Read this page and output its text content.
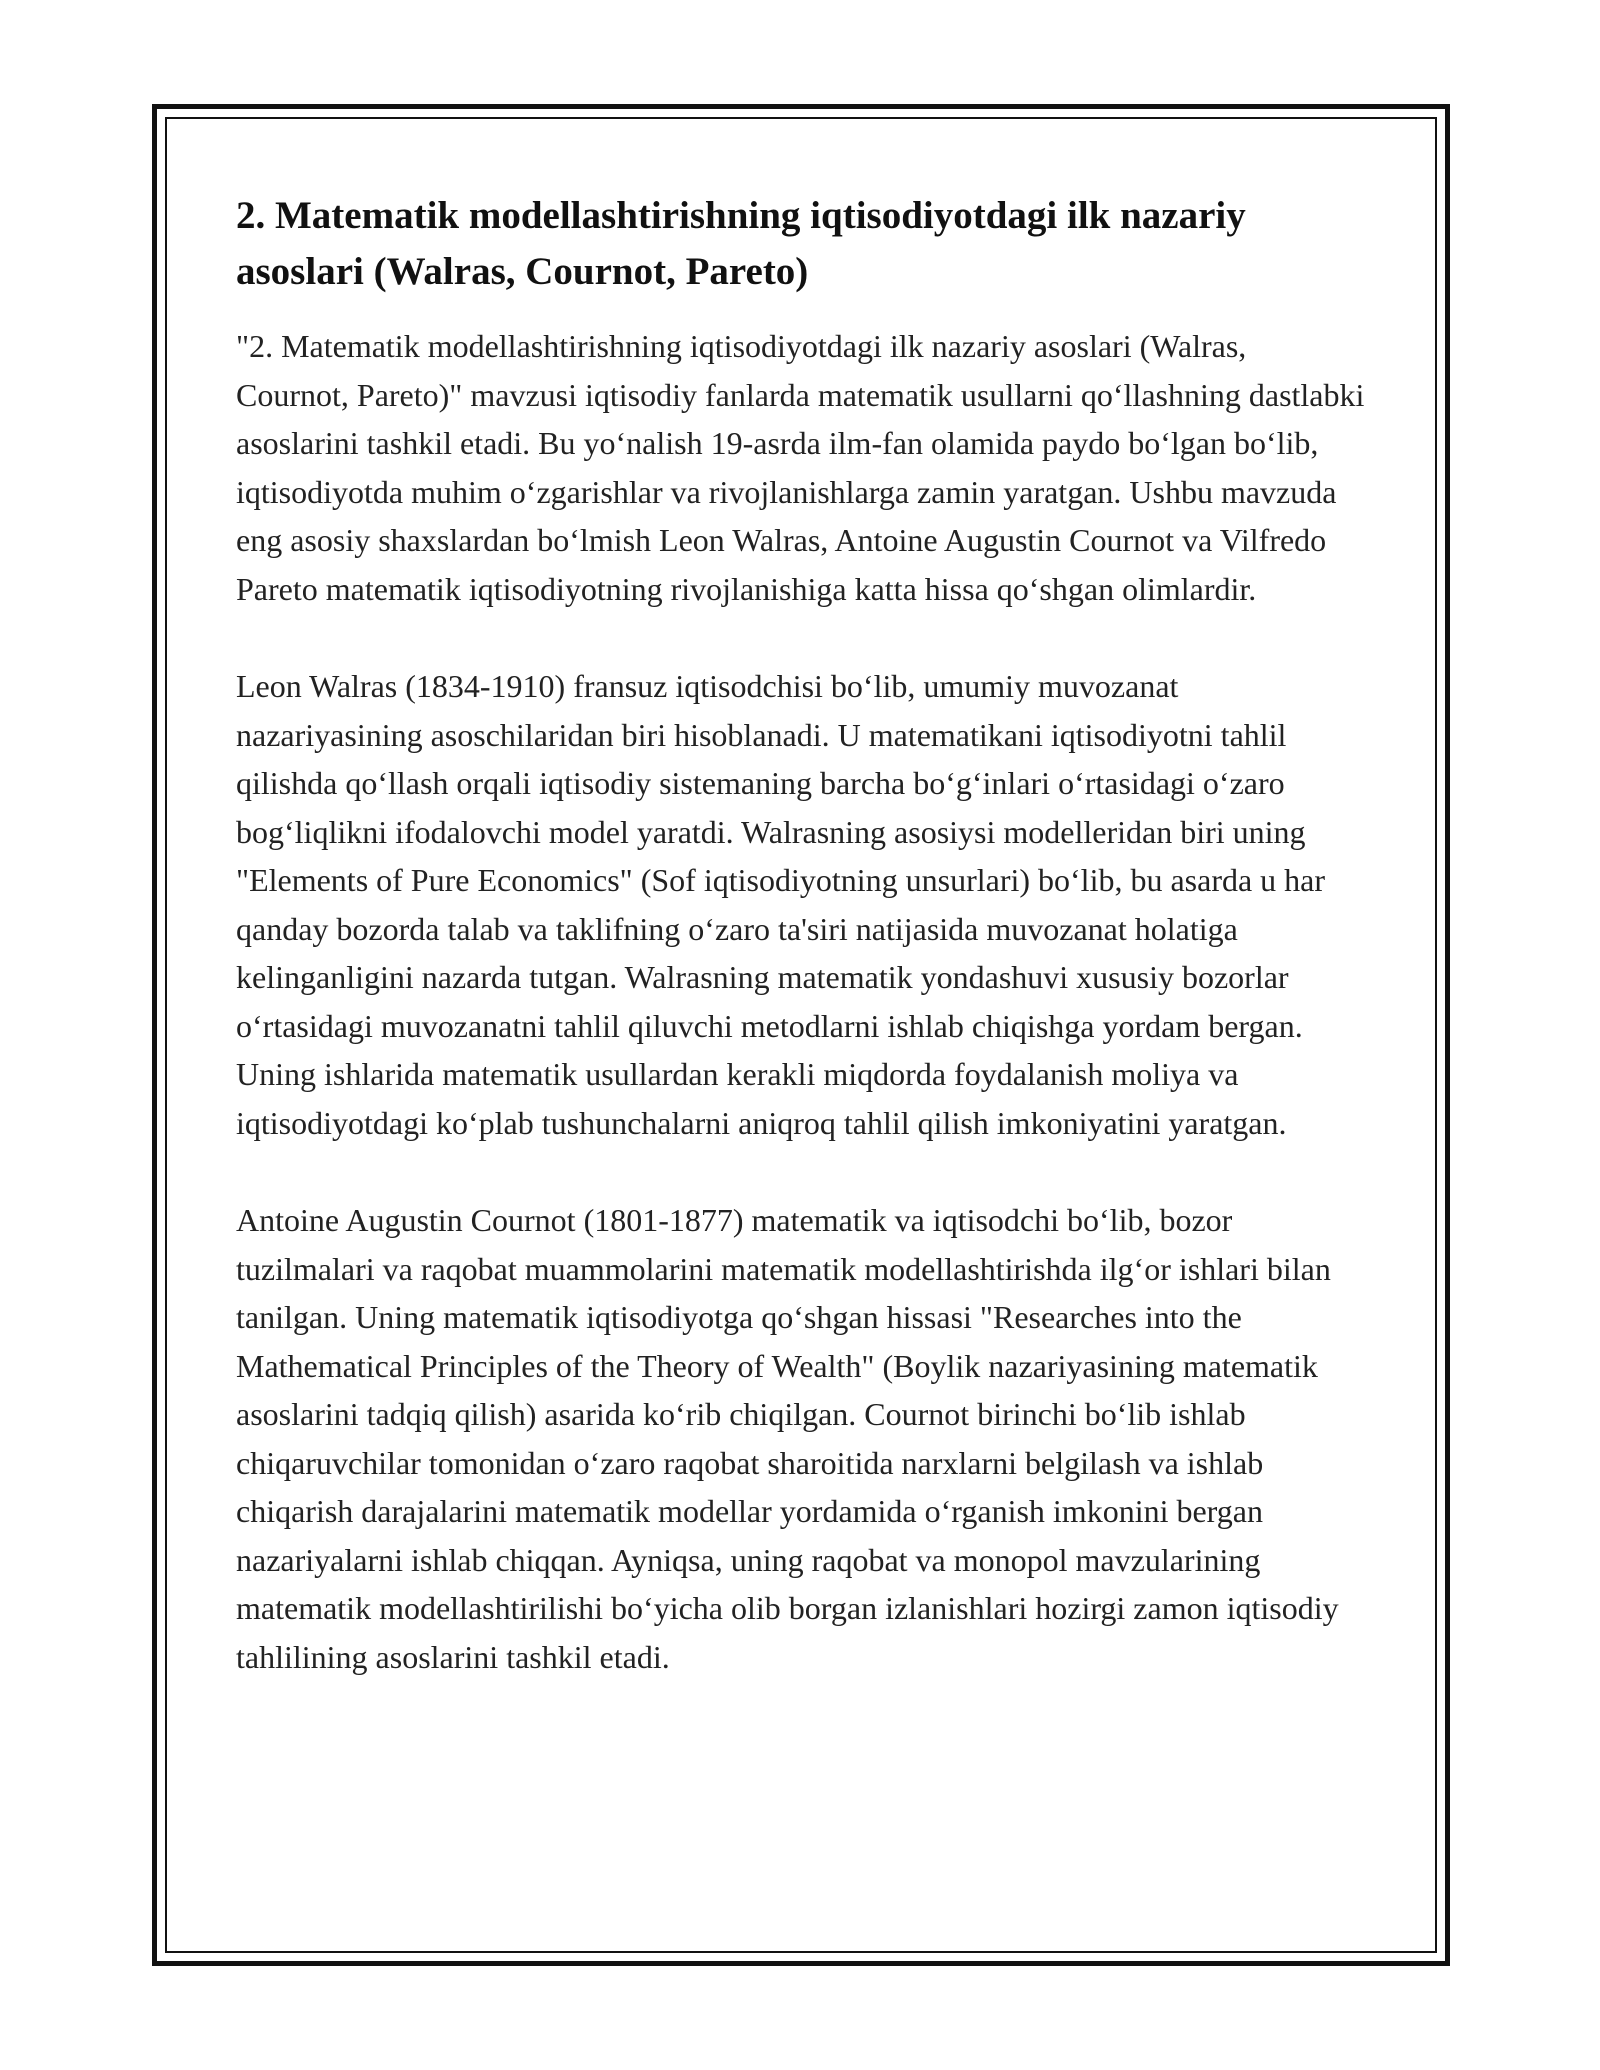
2. Matematik modellashtirishning iqtisodiyotdagi ilk nazariy asoslari (Walras, Cournot, Pareto)

"2. Matematik modellashtirishning iqtisodiyotdagi ilk nazariy asoslari (Walras, Cournot, Pareto)" mavzusi iqtisodiy fanlarda matematik usullarni qo‘llashning dastlabki asoslarini tashkil etadi. Bu yo‘nalish 19-asrda ilm-fan olamida paydo bo‘lgan bo‘lib, iqtisodiyotda muhim o‘zgarishlar va rivojlanishlarga zamin yaratgan. Ushbu mavzuda eng asosiy shaxslardan bo‘lmish Leon Walras, Antoine Augustin Cournot va Vilfredo Pareto matematik iqtisodiyotning rivojlanishiga katta hissa qo‘shgan olimlardir.

Leon Walras (1834-1910) fransuz iqtisodchisi bo‘lib, umumiy muvozanat nazariyasining asoschilaridan biri hisoblanadi. U matematikani iqtisodiyotni tahlil qilishda qo‘llash orqali iqtisodiy sistemaning barcha bo‘g‘inlari o‘rtasidagi o‘zaro bog‘liqlikni ifodalovchi model yaratdi. Walrasning asosiysi modelleridan biri uning "Elements of Pure Economics" (Sof iqtisodiyotning unsurlari) bo‘lib, bu asarda u har qanday bozorda talab va taklifning o‘zaro ta'siri natijasida muvozanat holatiga kelinganligini nazarda tutgan. Walrasning matematik yondashuvi xususiy bozorlar o‘rtasidagi muvozanatni tahlil qiluvchi metodlarni ishlab chiqishga yordam bergan. Uning ishlarida matematik usullardan kerakli miqdorda foydalanish moliya va iqtisodiyotdagi ko‘plab tushunchalarni aniqroq tahlil qilish imkoniyatini yaratgan.

Antoine Augustin Cournot (1801-1877) matematik va iqtisodchi bo‘lib, bozor tuzilmalari va raqobat muammolarini matematik modellashtirishda ilg‘or ishlari bilan tanilgan. Uning matematik iqtisodiyotga qo‘shgan hissasi "Researches into the Mathematical Principles of the Theory of Wealth" (Boylik nazariyasining matematik asoslarini tadqiq qilish) asarida ko‘rib chiqilgan. Cournot birinchi bo‘lib ishlab chiqaruvchilar tomonidan o‘zaro raqobat sharoitida narxlarni belgilash va ishlab chiqarish darajalarini matematik modellar yordamida o‘rganish imkonini bergan nazariyalarni ishlab chiqqan. Ayniqsa, uning raqobat va monopol mavzularining matematik modellashtirilishi bo‘yicha olib borgan izlanishlari hozirgi zamon iqtisodiy tahlilining asoslarini tashkil etadi.
